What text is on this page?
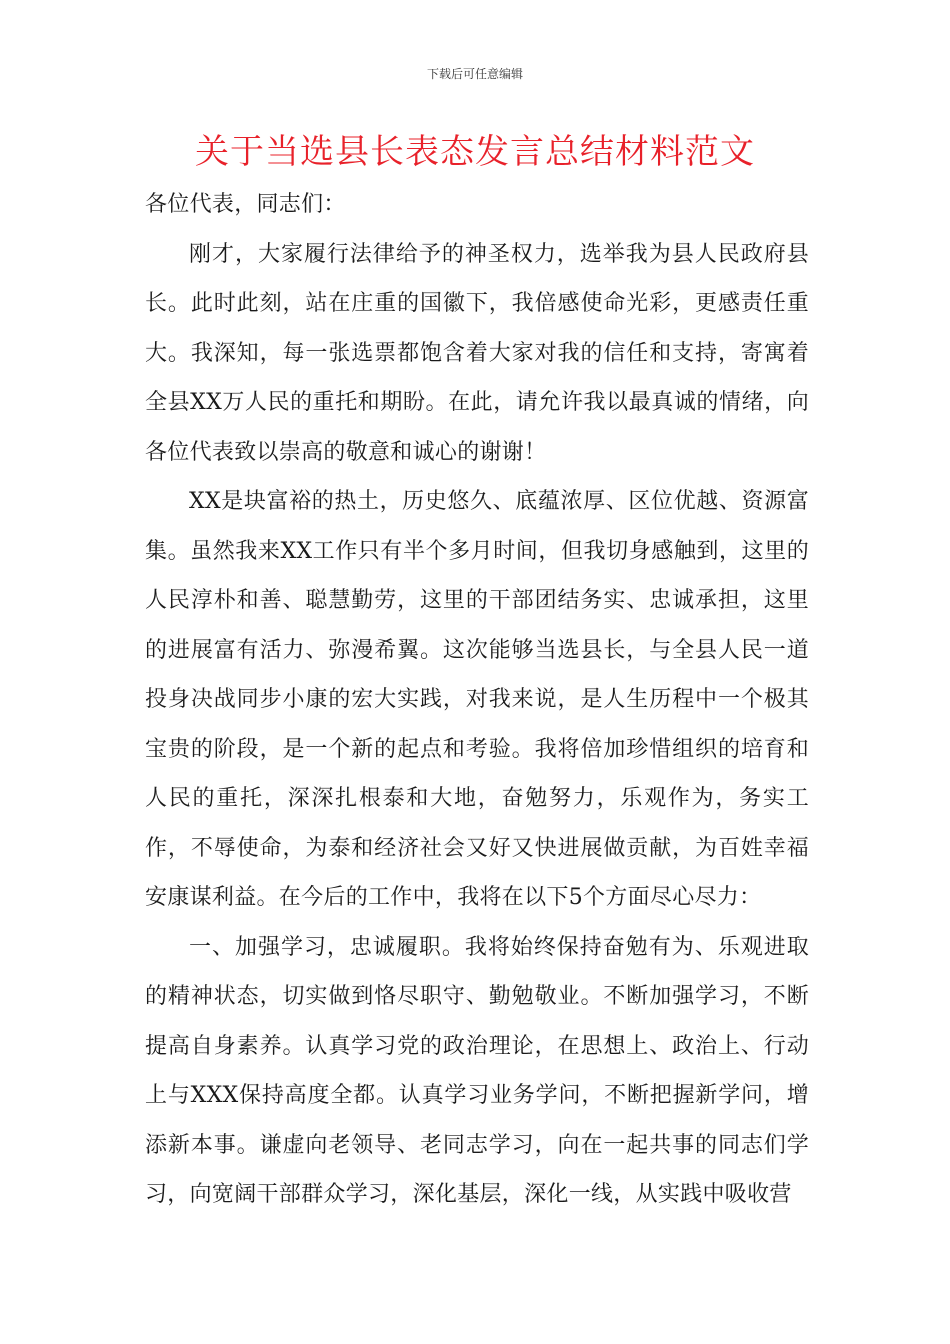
下载后可任意编辑
关于当选县长表态发言总结材料范文

各位代表，同志们：

刚才，大家履行法律给予的神圣权力，选举我为县人民政府县长。此时此刻，站在庄重的国徽下，我倍感使命光彩，更感责任重大。我深知，每一张选票都饱含着大家对我的信任和支持，寄寓着全县XX万人民的重托和期盼。在此，请允许我以最真诚的情绪，向各位代表致以崇高的敬意和诚心的谢谢！

XX是块富裕的热土，历史悠久、底蕴浓厚、区位优越、资源富集。虽然我来XX工作只有半个多月时间，但我切身感触到，这里的人民淳朴和善、聪慧勤劳，这里的干部团结务实、忠诚承担，这里的进展富有活力、弥漫希翼。这次能够当选县长，与全县人民一道投身决战同步小康的宏大实践，对我来说，是人生历程中一个极其宝贵的阶段，是一个新的起点和考验。我将倍加珍惜组织的培育和人民的重托，深深扎根泰和大地，奋勉努力，乐观作为，务实工作，不辱使命，为泰和经济社会又好又快进展做贡献，为百姓幸福安康谋利益。在今后的工作中，我将在以下5个方面尽心尽力：

一、加强学习，忠诚履职。我将始终保持奋勉有为、乐观进取的精神状态，切实做到恪尽职守、勤勉敬业。不断加强学习，不断提高自身素养。认真学习党的政治理论，在思想上、政治上、行动上与XXX保持高度全都。认真学习业务学问，不断把握新学问，增添新本事。谦虚向老领导、老同志学习，向在一起共事的同志们学习，向宽阔干部群众学习，深化基层，深化一线，从实践中吸收营
